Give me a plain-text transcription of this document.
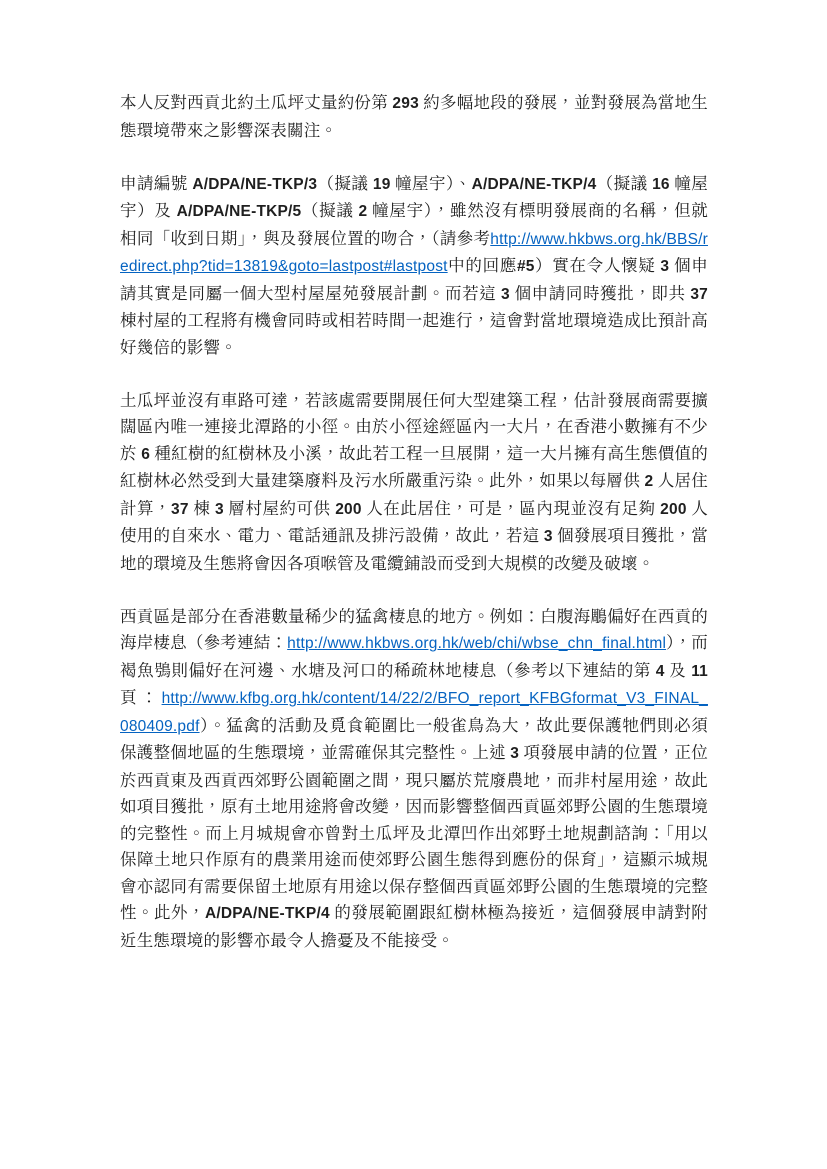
本人反對西貢北約土瓜坪丈量約份第 293 約多幅地段的發展，並對發展為當地生態環境帶來之影響深表關注。

申請編號 A/DPA/NE-TKP/3（擬議 19 幢屋宇）、A/DPA/NE-TKP/4（擬議 16 幢屋宇）及 A/DPA/NE-TKP/5（擬議 2 幢屋宇），雖然沒有標明發展商的名稱，但就相同「收到日期」，與及發展位置的吻合，（請參考http://www.hkbws.org.hk/BBS/redirect.php?tid=13819&goto=lastpost#lastpost中的回應#5）實在令人懷疑 3 個申請其實是同屬一個大型村屋屋苑發展計劃。而若這 3 個申請同時獲批，即共 37 棟村屋的工程將有機會同時或相若時間一起進行，這會對當地環境造成比預計高好幾倍的影響。

土瓜坪並沒有車路可達，若該處需要開展任何大型建築工程，估計發展商需要擴闊區內唯一連接北潭路的小徑。由於小徑途經區內一大片，在香港小數擁有不少於 6 種紅樹的紅樹林及小溪，故此若工程一旦展開，這一大片擁有高生態價值的紅樹林必然受到大量建築廢料及污水所嚴重污染。此外，如果以每層供 2 人居住計算，37 棟 3 層村屋約可供 200 人在此居住，可是，區內現並沒有足夠 200 人使用的自來水、電力、電話通訊及排污設備，故此，若這 3 個發展項目獲批，當地的環境及生態將會因各項喉管及電纜鋪設而受到大規模的改變及破壞。

西貢區是部分在香港數量稀少的猛禽棲息的地方。例如：白腹海鵰偏好在西貢的海岸棲息（參考連結：http://www.hkbws.org.hk/web/chi/wbse_chn_final.html），而褐魚鴞則偏好在河邊、水塘及河口的稀疏林地棲息（參考以下連結的第 4 及 11 頁：http://www.kfbg.org.hk/content/14/22/2/BFO_report_KFBGformat_V3_FINAL_080409.pdf）。猛禽的活動及覓食範圍比一般雀鳥為大，故此要保護牠們則必須保護整個地區的生態環境，並需確保其完整性。上述 3 項發展申請的位置，正位於西貢東及西貢西郊野公園範圍之間，現只屬於荒廢農地，而非村屋用途，故此如項目獲批，原有土地用途將會改變，因而影響整個西貢區郊野公園的生態環境的完整性。而上月城規會亦曾對土瓜坪及北潭凹作出郊野土地規劃諮詢：「用以保障土地只作原有的農業用途而使郊野公園生態得到應份的保育」，這顯示城規會亦認同有需要保留土地原有用途以保存整個西貢區郊野公園的生態環境的完整性。此外，A/DPA/NE-TKP/4 的發展範圍跟紅樹林極為接近，這個發展申請對附近生態環境的影響亦最令人擔憂及不能接受。
